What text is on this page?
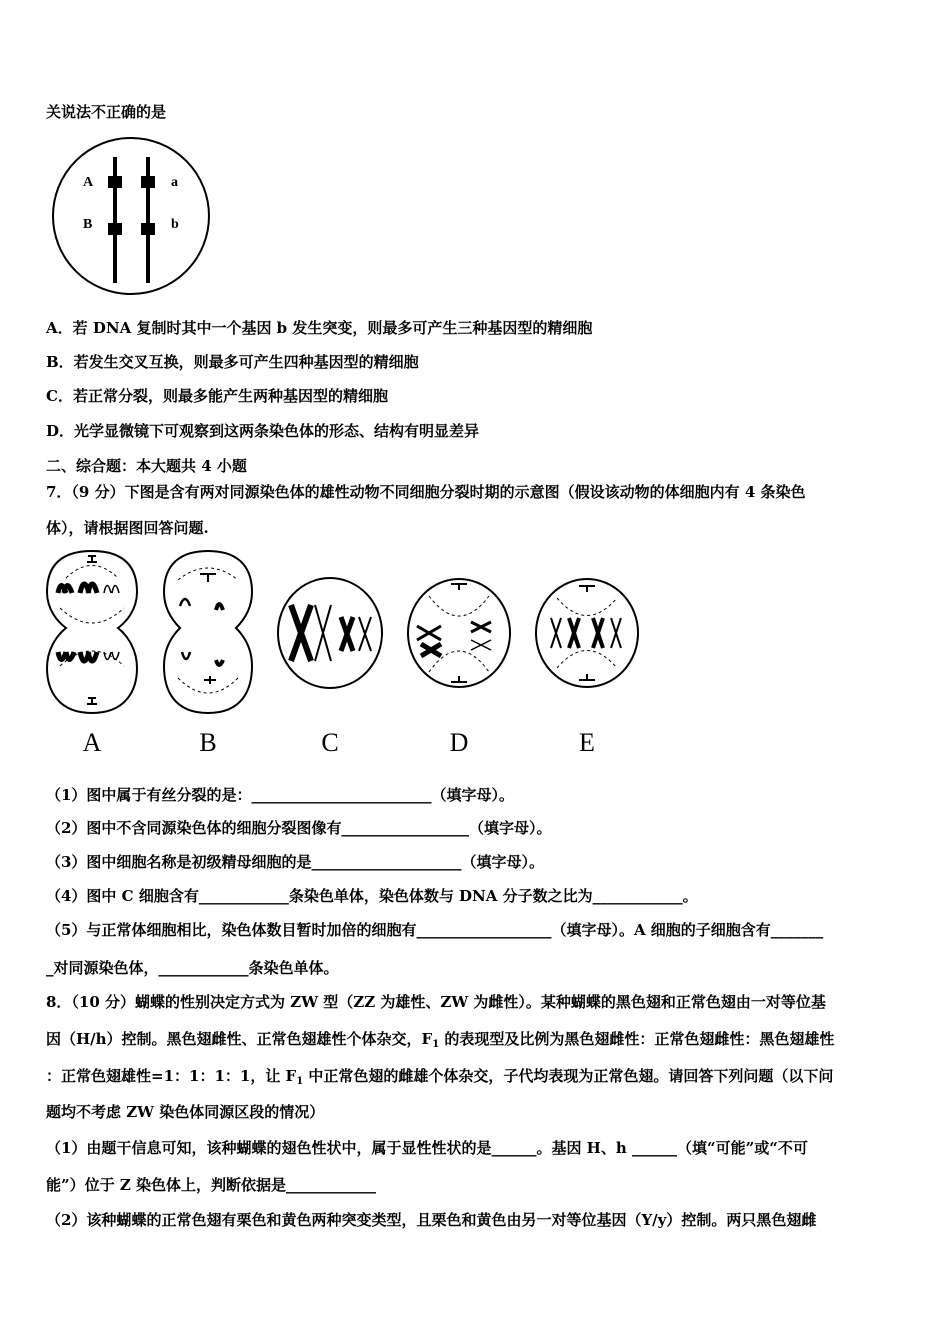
关说法不正确的是
A
B
a
b
A．若 DNA 复制时其中一个基因 b 发生突变，则最多可产生三种基因型的精细胞
B．若发生交叉互换，则最多可产生四种基因型的精细胞
C．若正常分裂，则最多能产生两种基因型的精细胞
D．光学显微镜下可观察到这两条染色体的形态、结构有明显差异
二、综合题：本大题共 4 小题
7．（9 分）下图是含有两对同源染色体的雄性动物不同细胞分裂时期的示意图（假设该动物的体细胞内有 4 条染色
体），请根据图回答问题.
A	B	C	D	E
（1）图中属于有丝分裂的是：________________________（填字母）。
（2）图中不含同源染色体的细胞分裂图像有_________________（填字母）。
（3）图中细胞名称是初级精母细胞的是____________________（填字母）。
（4）图中 C 细胞含有____________条染色单体，染色体数与 DNA 分子数之比为____________。
（5）与正常体细胞相比，染色体数目暂时加倍的细胞有__________________（填字母）。A 细胞的子细胞含有_______
_对同源染色体，____________条染色单体。
8．（10 分）蝴蝶的性别决定方式为 ZW 型（ZZ 为雄性、ZW 为雌性）。某种蝴蝶的黑色翅和正常色翅由一对等位基
因（H/h）控制。黑色翅雌性、正常色翅雄性个体杂交，$F_1$ 的表现型及比例为黑色翅雌性：正常色翅雌性：黑色翅雄性
：正常色翅雄性=1：1：1：1，让 $F_1$ 中正常色翅的雌雄个体杂交，子代均表现为正常色翅。请回答下列问题（以下问
题均不考虑 ZW 染色体同源区段的情况）
（1）由题干信息可知，该种蝴蝶的翅色性状中，属于显性性状的是______。基因 H、h ______（填“可能”或“不可
能”）位于 Z 染色体上，判断依据是____________
（2）该种蝴蝶的正常色翅有栗色和黄色两种突变类型，且栗色和黄色由另一对等位基因（Y/y）控制。两只黑色翅雌
